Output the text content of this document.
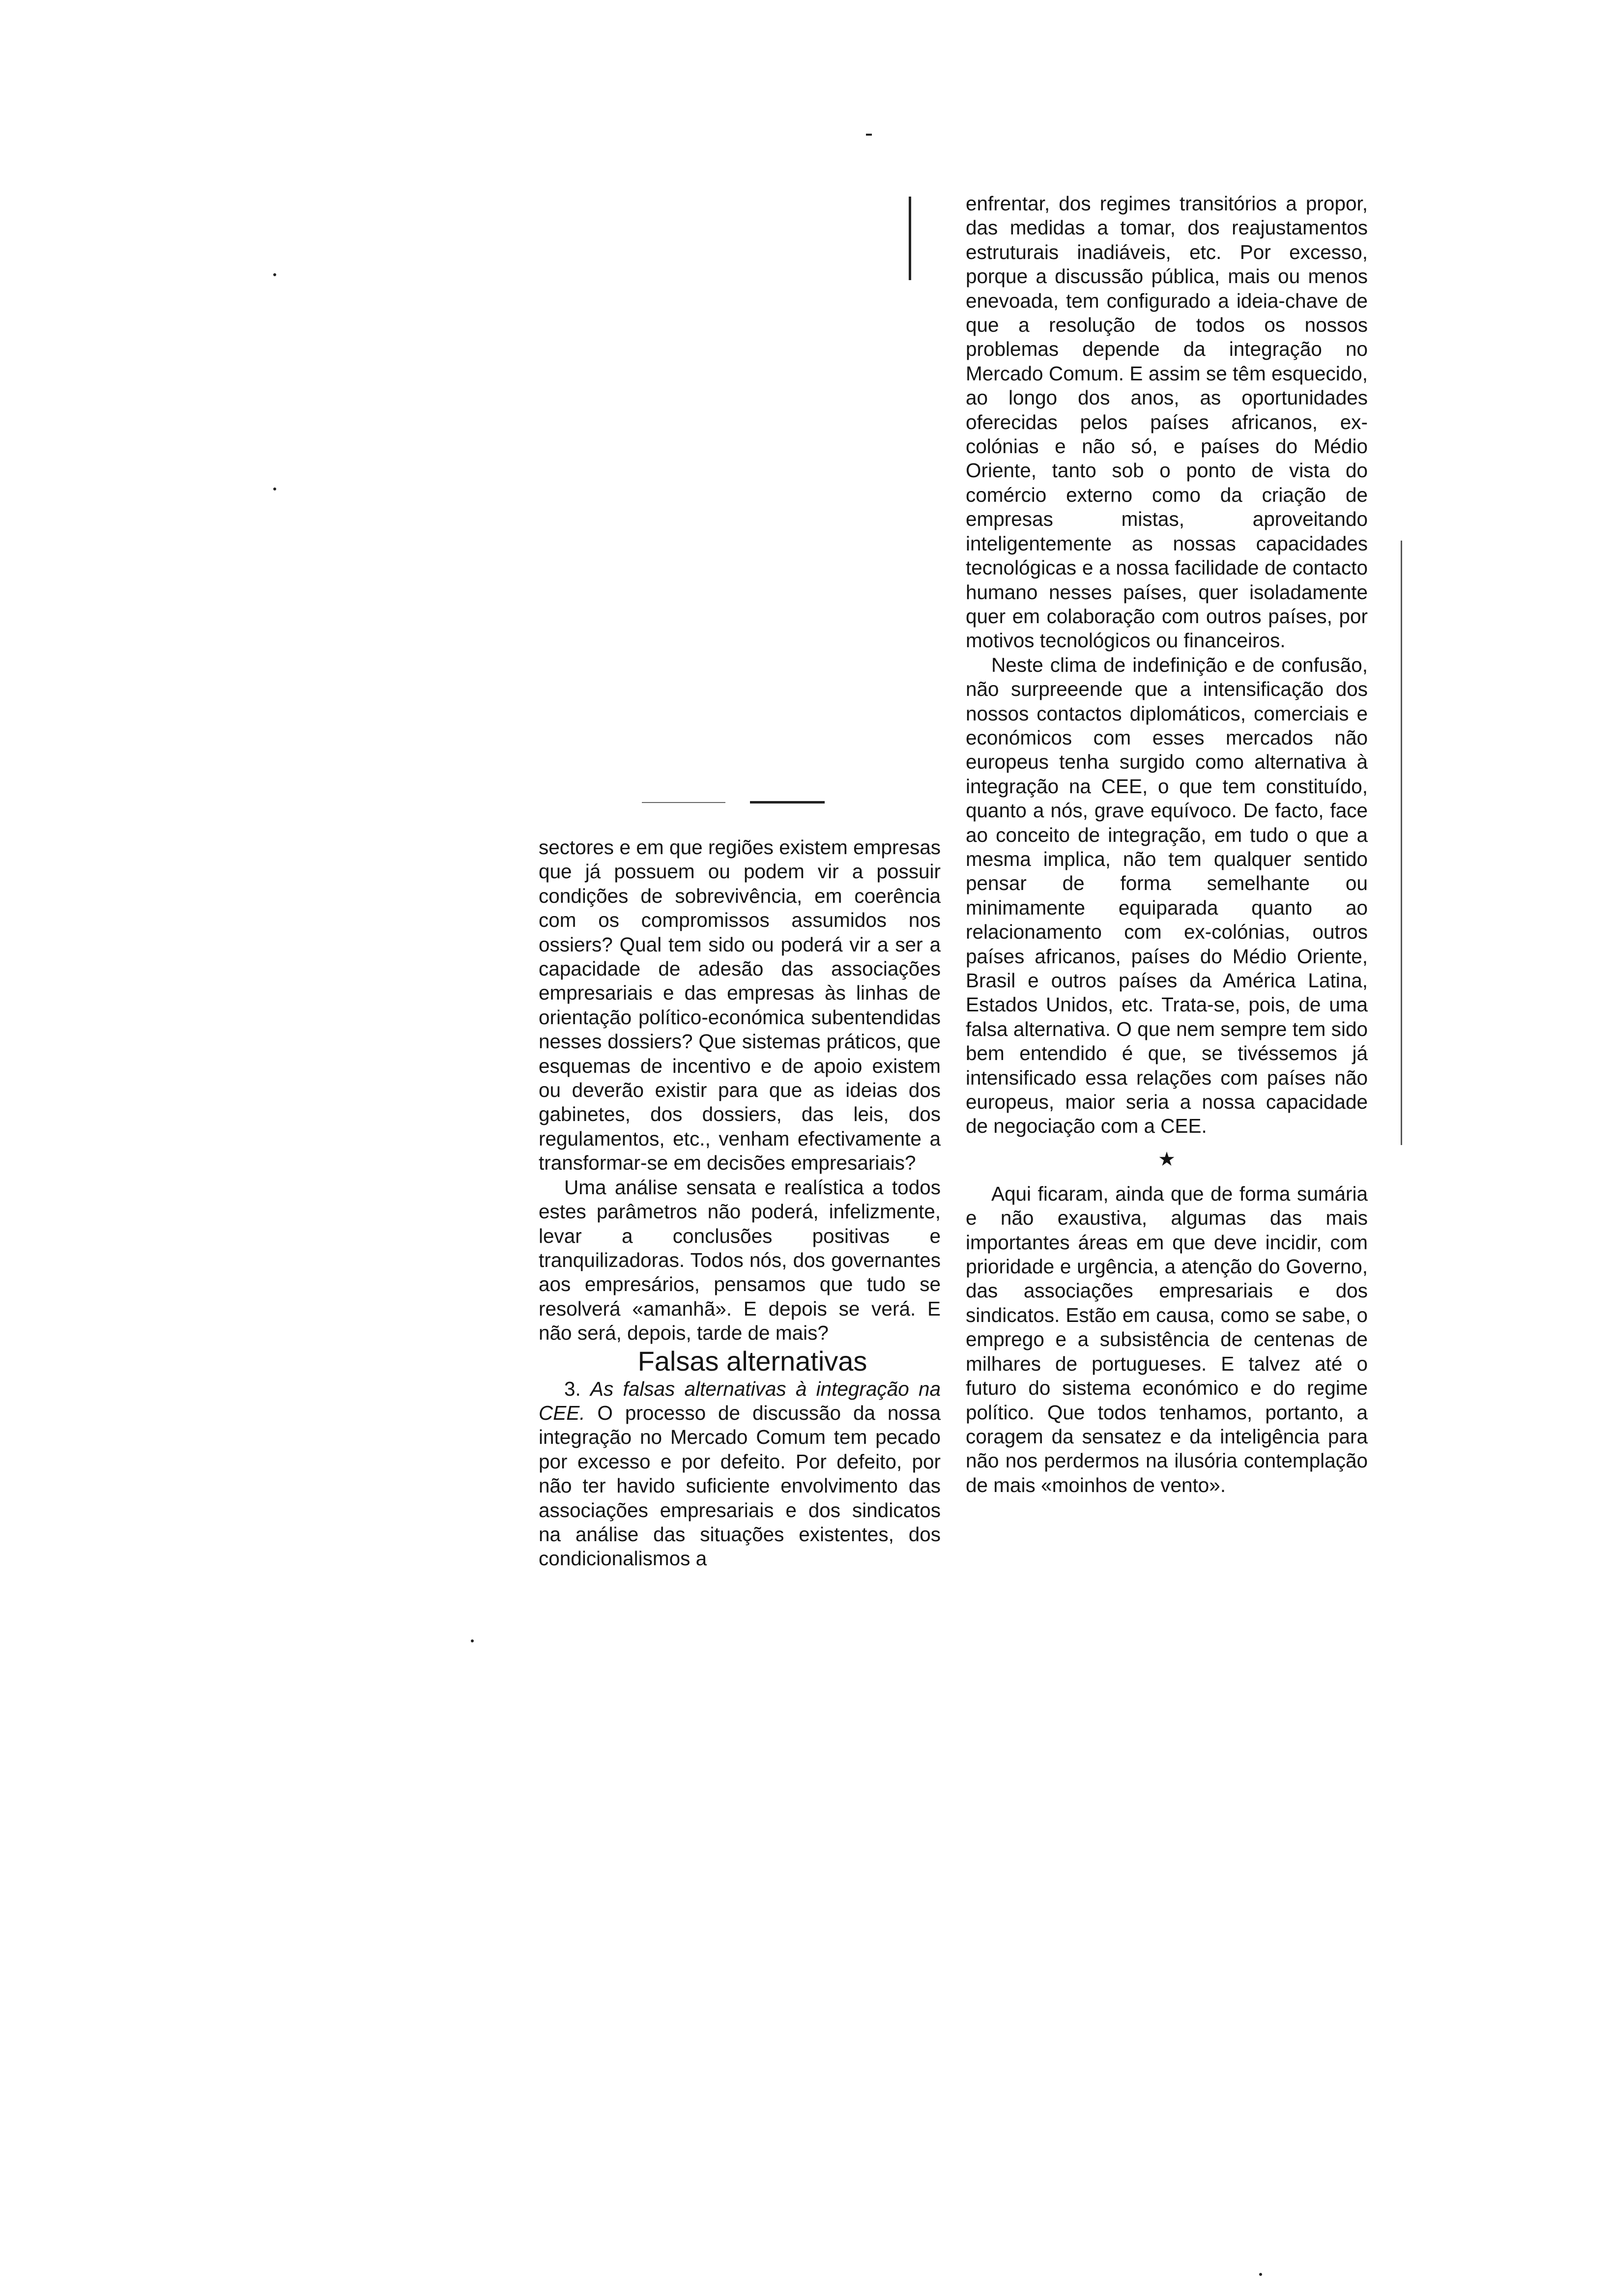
sectores e em que regiões existem empresas que já possuem ou podem vir a possuir condições de sobrevivência, em coerência com os compromissos assumidos nos ossiers? Qual tem sido ou poderá vir a ser a capacidade de adesão das associações empresariais e das empresas às linhas de orientação político-económica subentendidas nesses dossiers? Que sistemas práticos, que esquemas de incentivo e de apoio existem ou deverão existir para que as ideias dos gabinetes, dos dossiers, das leis, dos regulamentos, etc., venham efectivamente a transformar-se em decisões empresariais?

Uma análise sensata e realística a todos estes parâmetros não poderá, infelizmente, levar a conclusões positivas e tranquilizadoras. Todos nós, dos governantes aos empresários, pensamos que tudo se resolverá «amanhã». E depois se verá. E não será, depois, tarde de mais?

Falsas alternativas

3. As falsas alternativas à integração na CEE. O processo de discussão da nossa integração no Mercado Comum tem pecado por excesso e por defeito. Por defeito, por não ter havido suficiente envolvimento das associações empresariais e dos sindicatos na análise das situações existentes, dos condicionalismos a

enfrentar, dos regimes transitórios a propor, das medidas a tomar, dos reajustamentos estruturais inadiáveis, etc. Por excesso, porque a discussão pública, mais ou menos enevoada, tem configurado a ideia-chave de que a resolução de todos os nossos problemas depende da integração no Mercado Comum. E assim se têm esquecido, ao longo dos anos, as oportunidades oferecidas pelos países africanos, ex-colónias e não só, e países do Médio Oriente, tanto sob o ponto de vista do comércio externo como da criação de empresas mistas, aproveitando inteligentemente as nossas capacidades tecnológicas e a nossa facilidade de contacto humano nesses países, quer isoladamente quer em colaboração com outros países, por motivos tecnológicos ou financeiros.

Neste clima de indefinição e de confusão, não surpreeende que a intensificação dos nossos contactos diplomáticos, comerciais e económicos com esses mercados não europeus tenha surgido como alternativa à integração na CEE, o que tem constituído, quanto a nós, grave equívoco. De facto, face ao conceito de integração, em tudo o que a mesma implica, não tem qualquer sentido pensar de forma semelhante ou minimamente equiparada quanto ao relacionamento com ex-colónias, outros países africanos, países do Médio Oriente, Brasil e outros países da América Latina, Estados Unidos, etc. Trata-se, pois, de uma falsa alternativa. O que nem sempre tem sido bem entendido é que, se tivéssemos já intensificado essa relações com países não europeus, maior seria a nossa capacidade de negociação com a CEE.

★

Aqui ficaram, ainda que de forma sumária e não exaustiva, algumas das mais importantes áreas em que deve incidir, com prioridade e urgência, a atenção do Governo, das associações empresariais e dos sindicatos. Estão em causa, como se sabe, o emprego e a subsistência de centenas de milhares de portugueses. E talvez até o futuro do sistema económico e do regime político. Que todos tenhamos, portanto, a coragem da sensatez e da inteligência para não nos perdermos na ilusória contemplação de mais «moinhos de vento».
